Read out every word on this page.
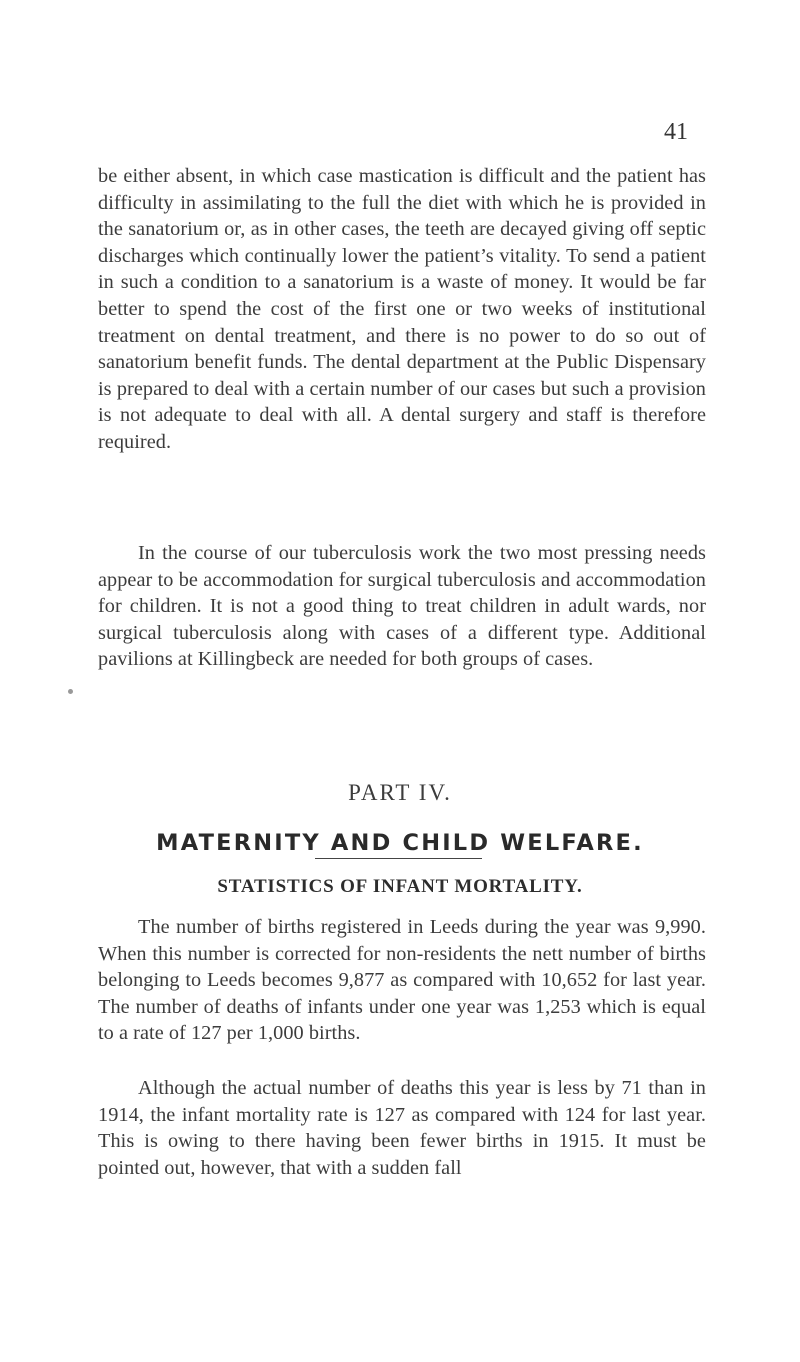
41

be either absent, in which case mastication is difficult and the patient has difficulty in assimilating to the full the diet with which he is provided in the sanatorium or, as in other cases, the teeth are decayed giving off septic discharges which continually lower the patient’s vitality. To send a patient in such a condition to a sanatorium is a waste of money. It would be far better to spend the cost of the first one or two weeks of institutional treatment on dental treatment, and there is no power to do so out of sanatorium benefit funds. The dental department at the Public Dispensary is prepared to deal with a certain number of our cases but such a provision is not adequate to deal with all. A dental surgery and staff is therefore required.

In the course of our tuberculosis work the two most pressing needs appear to be accommodation for surgical tuberculosis and accommodation for children. It is not a good thing to treat children in adult wards, nor surgical tuberculosis along with cases of a different type. Additional pavilions at Killingbeck are needed for both groups of cases.

PART IV.
MATERNITY AND CHILD WELFARE.
STATISTICS OF INFANT MORTALITY.

The number of births registered in Leeds during the year was 9,990. When this number is corrected for non-residents the nett number of births belonging to Leeds becomes 9,877 as compared with 10,652 for last year. The number of deaths of infants under one year was 1,253 which is equal to a rate of 127 per 1,000 births.

Although the actual number of deaths this year is less by 71 than in 1914, the infant mortality rate is 127 as compared with 124 for last year. This is owing to there having been fewer births in 1915. It must be pointed out, however, that with a sudden fall
